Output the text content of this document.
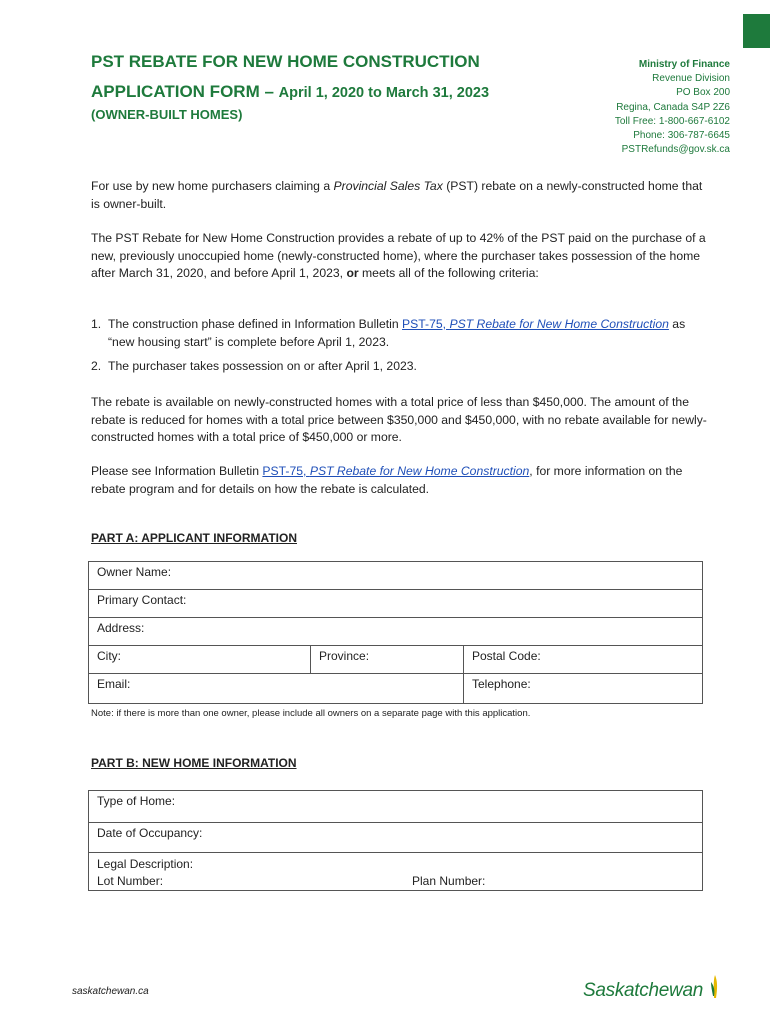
PST REBATE FOR NEW HOME CONSTRUCTION
APPLICATION FORM – April 1, 2020 to March 31, 2023
(OWNER-BUILT HOMES)
Ministry of Finance
Revenue Division
PO Box 200
Regina, Canada S4P 2Z6
Toll Free: 1-800-667-6102
Phone: 306-787-6645
PSTRefunds@gov.sk.ca
For use by new home purchasers claiming a Provincial Sales Tax (PST) rebate on a newly-constructed home that is owner-built.
The PST Rebate for New Home Construction provides a rebate of up to 42% of the PST paid on the purchase of a new, previously unoccupied home (newly-constructed home), where the purchaser takes possession of the home after March 31, 2020, and before April 1, 2023, or meets all of the following criteria:
1. The construction phase defined in Information Bulletin PST-75, PST Rebate for New Home Construction as “new housing start” is complete before April 1, 2023.
2. The purchaser takes possession on or after April 1, 2023.
The rebate is available on newly-constructed homes with a total price of less than $450,000. The amount of the rebate is reduced for homes with a total price between $350,000 and $450,000, with no rebate available for newly-constructed homes with a total price of $450,000 or more.
Please see Information Bulletin PST-75, PST Rebate for New Home Construction, for more information on the rebate program and for details on how the rebate is calculated.
PART A: APPLICANT INFORMATION
Owner Name:		
Primary Contact:		
Address:		
City:	Province:	Postal Code:
Email:		Telephone:
Note: if there is more than one owner, please include all owners on a separate page with this application.
PART B: NEW HOME INFORMATION
Type of Home:
Date of Occupancy:

Legal Description:
Lot Number:	Plan Number:
saskatchewan.ca	Saskatchewan
